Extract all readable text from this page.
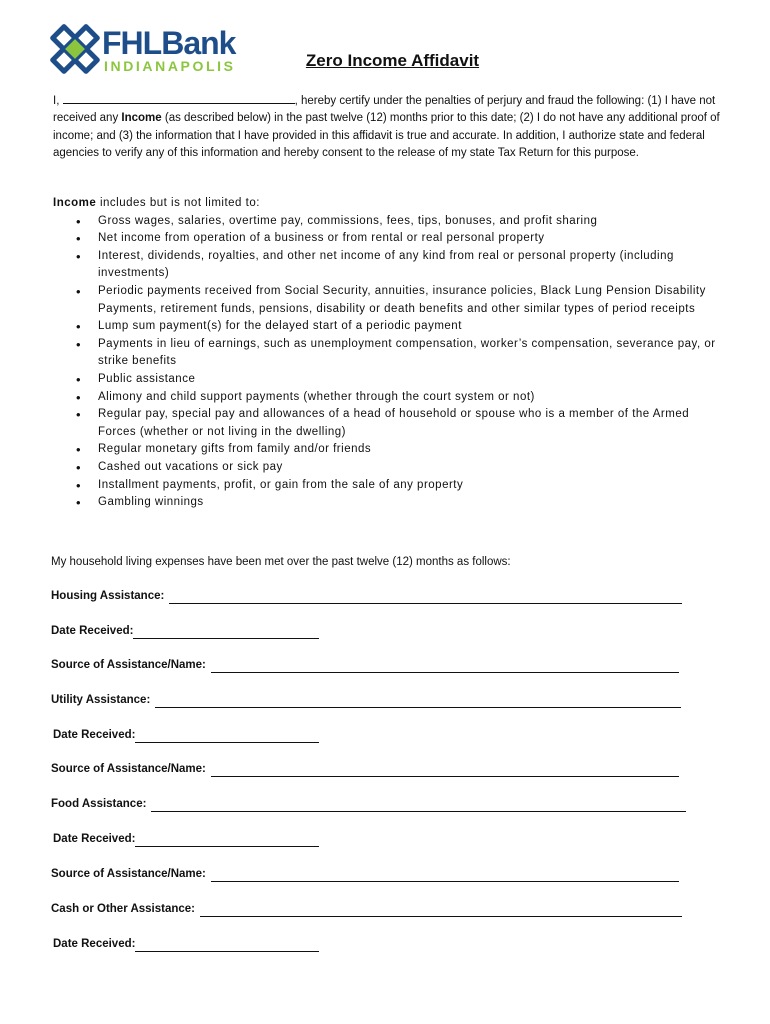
FHLBank
INDIANAPOLIS	Zero Income Affidavit
I,	, hereby certify under the penalties of perjury and fraud the following: (1) I have not received any Income (as described below) in the past twelve (12) months prior to this date; (2) I do not have any additional proof of income; and (3) the information that I have provided in this affidavit is true and accurate. In addition, I authorize state and federal agencies to verify any of this information and hereby consent to the release of my state Tax Return for this purpose.
Income includes but is not limited to:
• Gross wages, salaries, overtime pay, commissions, fees, tips, bonuses, and profit sharing
• Net income from operation of a business or from rental or real personal property
• Interest, dividends, royalties, and other net income of any kind from real or personal property (including investments)
• Periodic payments received from Social Security, annuities, insurance policies, Black Lung Pension Disability Payments, retirement funds, pensions, disability or death benefits and other similar types of period receipts
• Lump sum payment(s) for the delayed start of a periodic payment
• Payments in lieu of earnings, such as unemployment compensation, worker’s compensation, severance pay, or strike benefits
• Public assistance
• Alimony and child support payments (whether through the court system or not)
• Regular pay, special pay and allowances of a head of household or spouse who is a member of the Armed Forces (whether or not living in the dwelling)
• Regular monetary gifts from family and/or friends
• Cashed out vacations or sick pay
• Installment payments, profit, or gain from the sale of any property
• Gambling winnings
My household living expenses have been met over the past twelve (12) months as follows:
Housing Assistance:
Date Received:
Source of Assistance/Name:
Utility Assistance:
Date Received:
Source of Assistance/Name:
Food Assistance:
Date Received:
Source of Assistance/Name:
Cash or Other Assistance:
Date Received:
